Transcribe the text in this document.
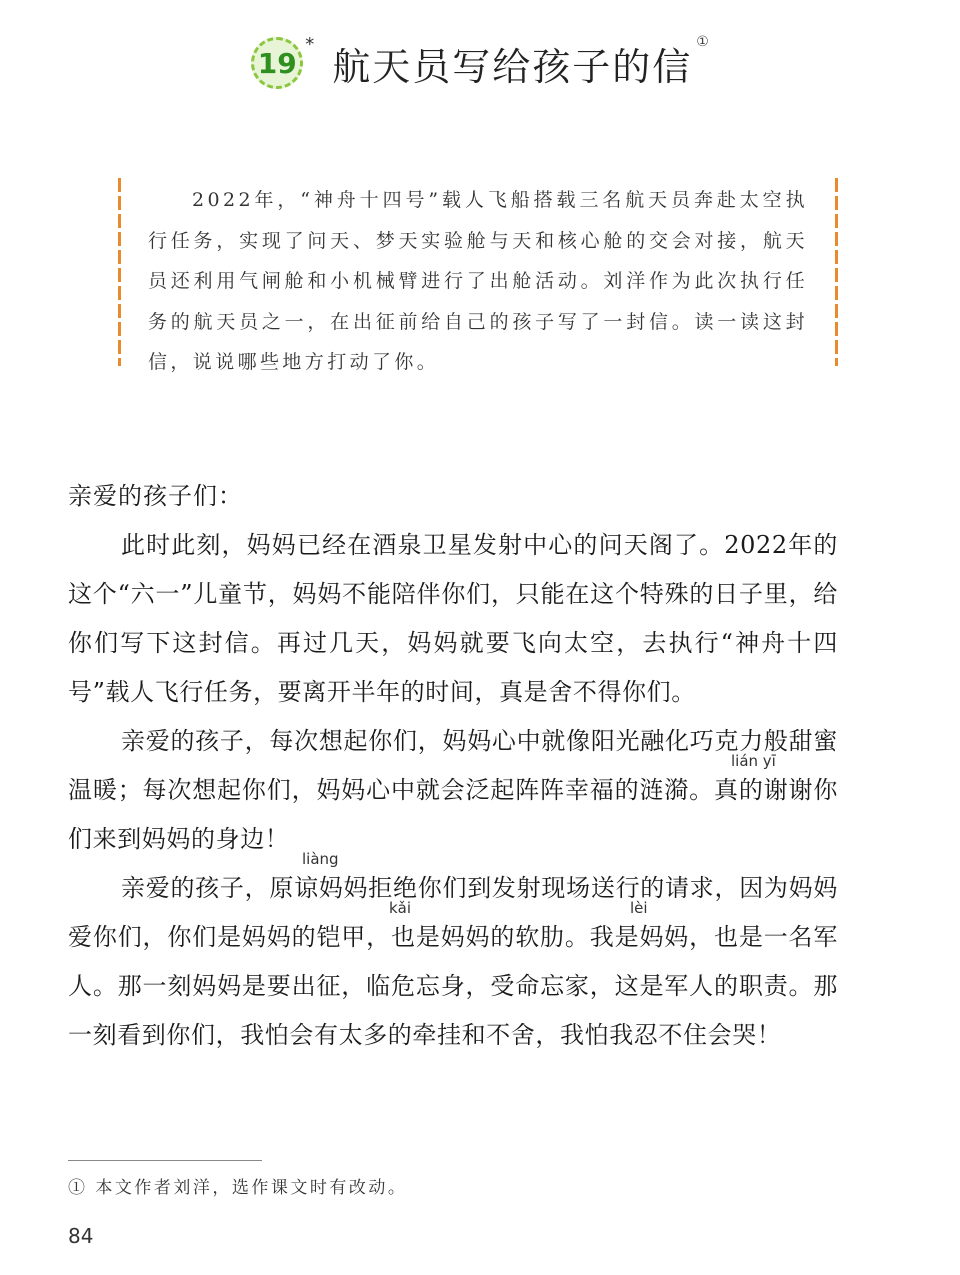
19
* 航天员写给孩子的信
①

2022年，“神舟十四号”载人飞船搭载三名航天员奔赴太空执行任务，实现了问天、梦天实验舱与天和核心舱的交会对接，航天员还利用气闸舱和小机械臂进行了出舱活动。刘洋作为此次执行任务的航天员之一，在出征前给自己的孩子写了一封信。读一读这封信，说说哪些地方打动了你。

亲爱的孩子们：

此时此刻，妈妈已经在酒泉卫星发射中心的问天阁了。2022年的这个“六一”儿童节，妈妈不能陪伴你们，只能在这个特殊的日子里，给你们写下这封信。再过几天，妈妈就要飞向太空，去执行“神舟十四号”载人飞行任务，要离开半年的时间，真是舍不得你们。

亲爱的孩子，每次想起你们，妈妈心中就像阳光融化巧克力般甜蜜温暖；每次想起你们，妈妈心中就会泛起阵阵幸福的涟漪。真的谢谢你们来到妈妈的身边！

亲爱的孩子，原谅妈妈拒绝你们到发射现场送行的请求，因为妈妈爱你们，你们是妈妈的铠甲，也是妈妈的软肋。我是妈妈，也是一名军人。那一刻妈妈是要出征，临危忘身，受命忘家，这是军人的职责。那一刻看到你们，我怕会有太多的牵挂和不舍，我怕我忍不住会哭！

lián yī
liàng
kǎi	lèi
① 本文作者刘洋，选作课文时有改动。
84
